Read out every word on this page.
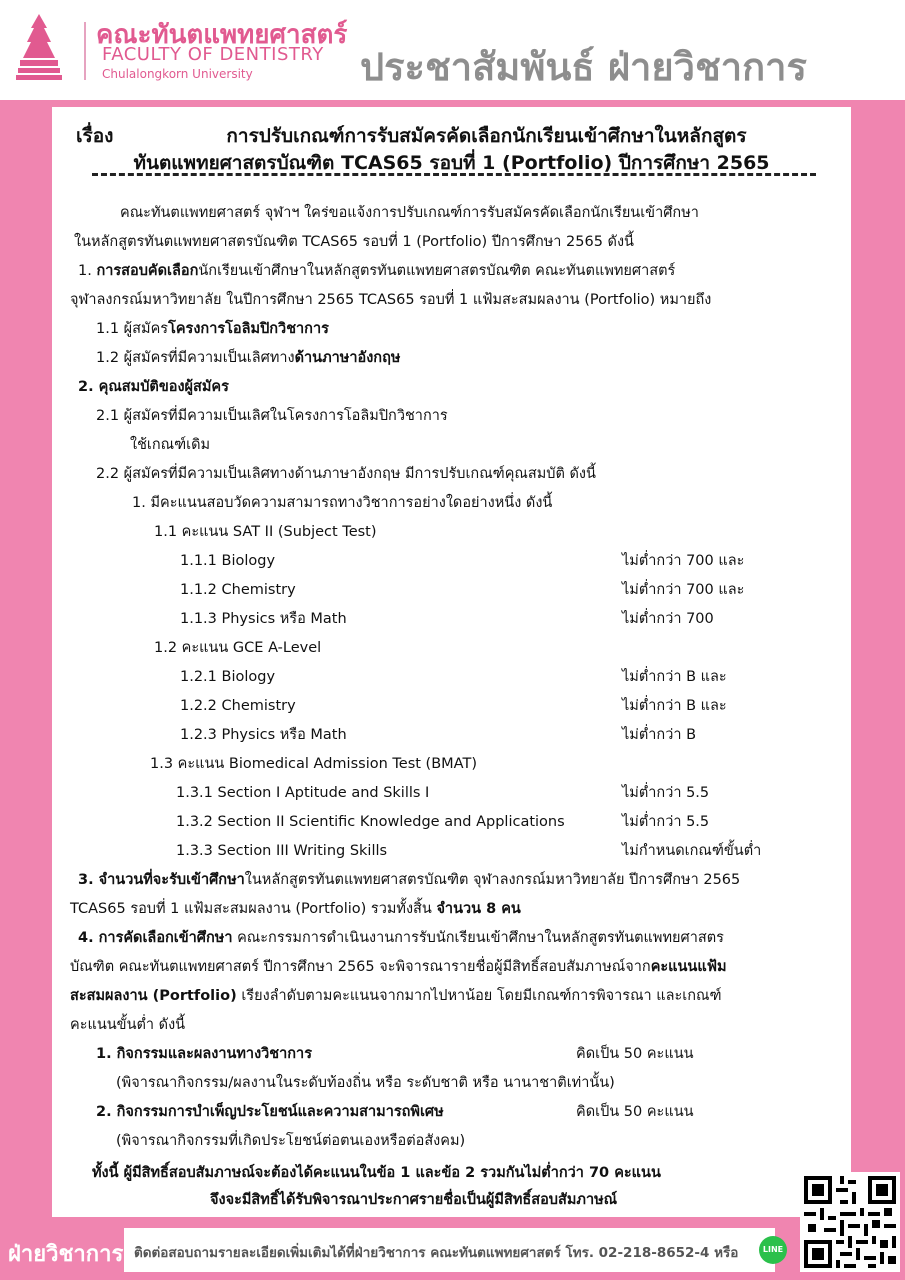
คณะทันตแพทยศาสตร์
FACULTY OF DENTISTRY
Chulalongkorn University	ประชาสัมพันธ์ ฝ่ายวิชาการ
เรื่อง	การปรับเกณฑ์การรับสมัครคัดเลือกนักเรียนเข้าศึกษาในหลักสูตร
ทันตแพทยศาสตรบัณฑิต TCAS65 รอบที่ 1 (Portfolio) ปีการศึกษา 2565
คณะทันตแพทยศาสตร์ จุฬาฯ ใคร่ขอแจ้งการปรับเกณฑ์การรับสมัครคัดเลือกนักเรียนเข้าศึกษา
ในหลักสูตรทันตแพทยศาสตรบัณฑิต TCAS65 รอบที่ 1 (Portfolio) ปีการศึกษา 2565 ดังนี้
1. การสอบคัดเลือกนักเรียนเข้าศึกษาในหลักสูตรทันตแพทยศาสตรบัณฑิต คณะทันตแพทยศาสตร์
จุฬาลงกรณ์มหาวิทยาลัย ในปีการศึกษา 2565 TCAS65 รอบที่ 1 แฟ้มสะสมผลงาน (Portfolio) หมายถึง
1.1 ผู้สมัครโครงการโอลิมปิกวิชาการ
1.2 ผู้สมัครที่มีความเป็นเลิศทางด้านภาษาอังกฤษ
2. คุณสมบัติของผู้สมัคร
2.1 ผู้สมัครที่มีความเป็นเลิศในโครงการโอลิมปิกวิชาการ
ใช้เกณฑ์เดิม
2.2 ผู้สมัครที่มีความเป็นเลิศทางด้านภาษาอังกฤษ มีการปรับเกณฑ์คุณสมบัติ ดังนี้
1. มีคะแนนสอบวัดความสามารถทางวิชาการอย่างใดอย่างหนึ่ง ดังนี้
1.1 คะแนน SAT II (Subject Test)
1.1.1 Biology	ไม่ต่ำกว่า 700 และ
1.1.2 Chemistry	ไม่ต่ำกว่า 700 และ
1.1.3 Physics หรือ Math	ไม่ต่ำกว่า 700
1.2 คะแนน GCE A-Level
1.2.1 Biology	ไม่ต่ำกว่า B และ
1.2.2 Chemistry	ไม่ต่ำกว่า B และ
1.2.3 Physics หรือ Math	ไม่ต่ำกว่า B
1.3 คะแนน Biomedical Admission Test (BMAT)
1.3.1 Section I Aptitude and Skills I	ไม่ต่ำกว่า 5.5
1.3.2 Section II Scientific Knowledge and Applications	ไม่ต่ำกว่า 5.5
1.3.3 Section III Writing Skills	ไม่กำหนดเกณฑ์ขั้นต่ำ
3. จำนวนที่จะรับเข้าศึกษาในหลักสูตรทันตแพทยศาสตรบัณฑิต จุฬาลงกรณ์มหาวิทยาลัย ปีการศึกษา 2565
TCAS65 รอบที่ 1 แฟ้มสะสมผลงาน (Portfolio) รวมทั้งสิ้น จำนวน 8 คน
4. การคัดเลือกเข้าศึกษา คณะกรรมการดำเนินงานการรับนักเรียนเข้าศึกษาในหลักสูตรทันตแพทยศาสตร
บัณฑิต คณะทันตแพทยศาสตร์ ปีการศึกษา 2565 จะพิจารณารายชื่อผู้มีสิทธิ์สอบสัมภาษณ์จากคะแนนแฟ้ม
สะสมผลงาน (Portfolio) เรียงลำดับตามคะแนนจากมากไปหาน้อย โดยมีเกณฑ์การพิจารณา และเกณฑ์
คะแนนขั้นต่ำ ดังนี้
1. กิจกรรมและผลงานทางวิชาการ	คิดเป็น 50 คะแนน
(พิจารณากิจกรรม/ผลงานในระดับท้องถิ่น หรือ ระดับชาติ หรือ นานาชาติเท่านั้น)
2. กิจกรรมการบำเพ็ญประโยชน์และความสามารถพิเศษ	คิดเป็น 50 คะแนน
(พิจารณากิจกรรมที่เกิดประโยชน์ต่อตนเองหรือต่อสังคม)
ทั้งนี้ ผู้มีสิทธิ์สอบสัมภาษณ์จะต้องได้คะแนนในข้อ 1 และข้อ 2 รวมกันไม่ต่ำกว่า 70 คะแนน
จึงจะมีสิทธิ์ได้รับพิจารณาประกาศรายชื่อเป็นผู้มีสิทธิ์สอบสัมภาษณ์
ฝ่ายวิชาการ ติดต่อสอบถามรายละเอียดเพิ่มเติมได้ที่ฝ่ายวิชาการ คณะทันตแพทยศาสตร์ โทร. 02-218-8652-4 หรือ	LINE
